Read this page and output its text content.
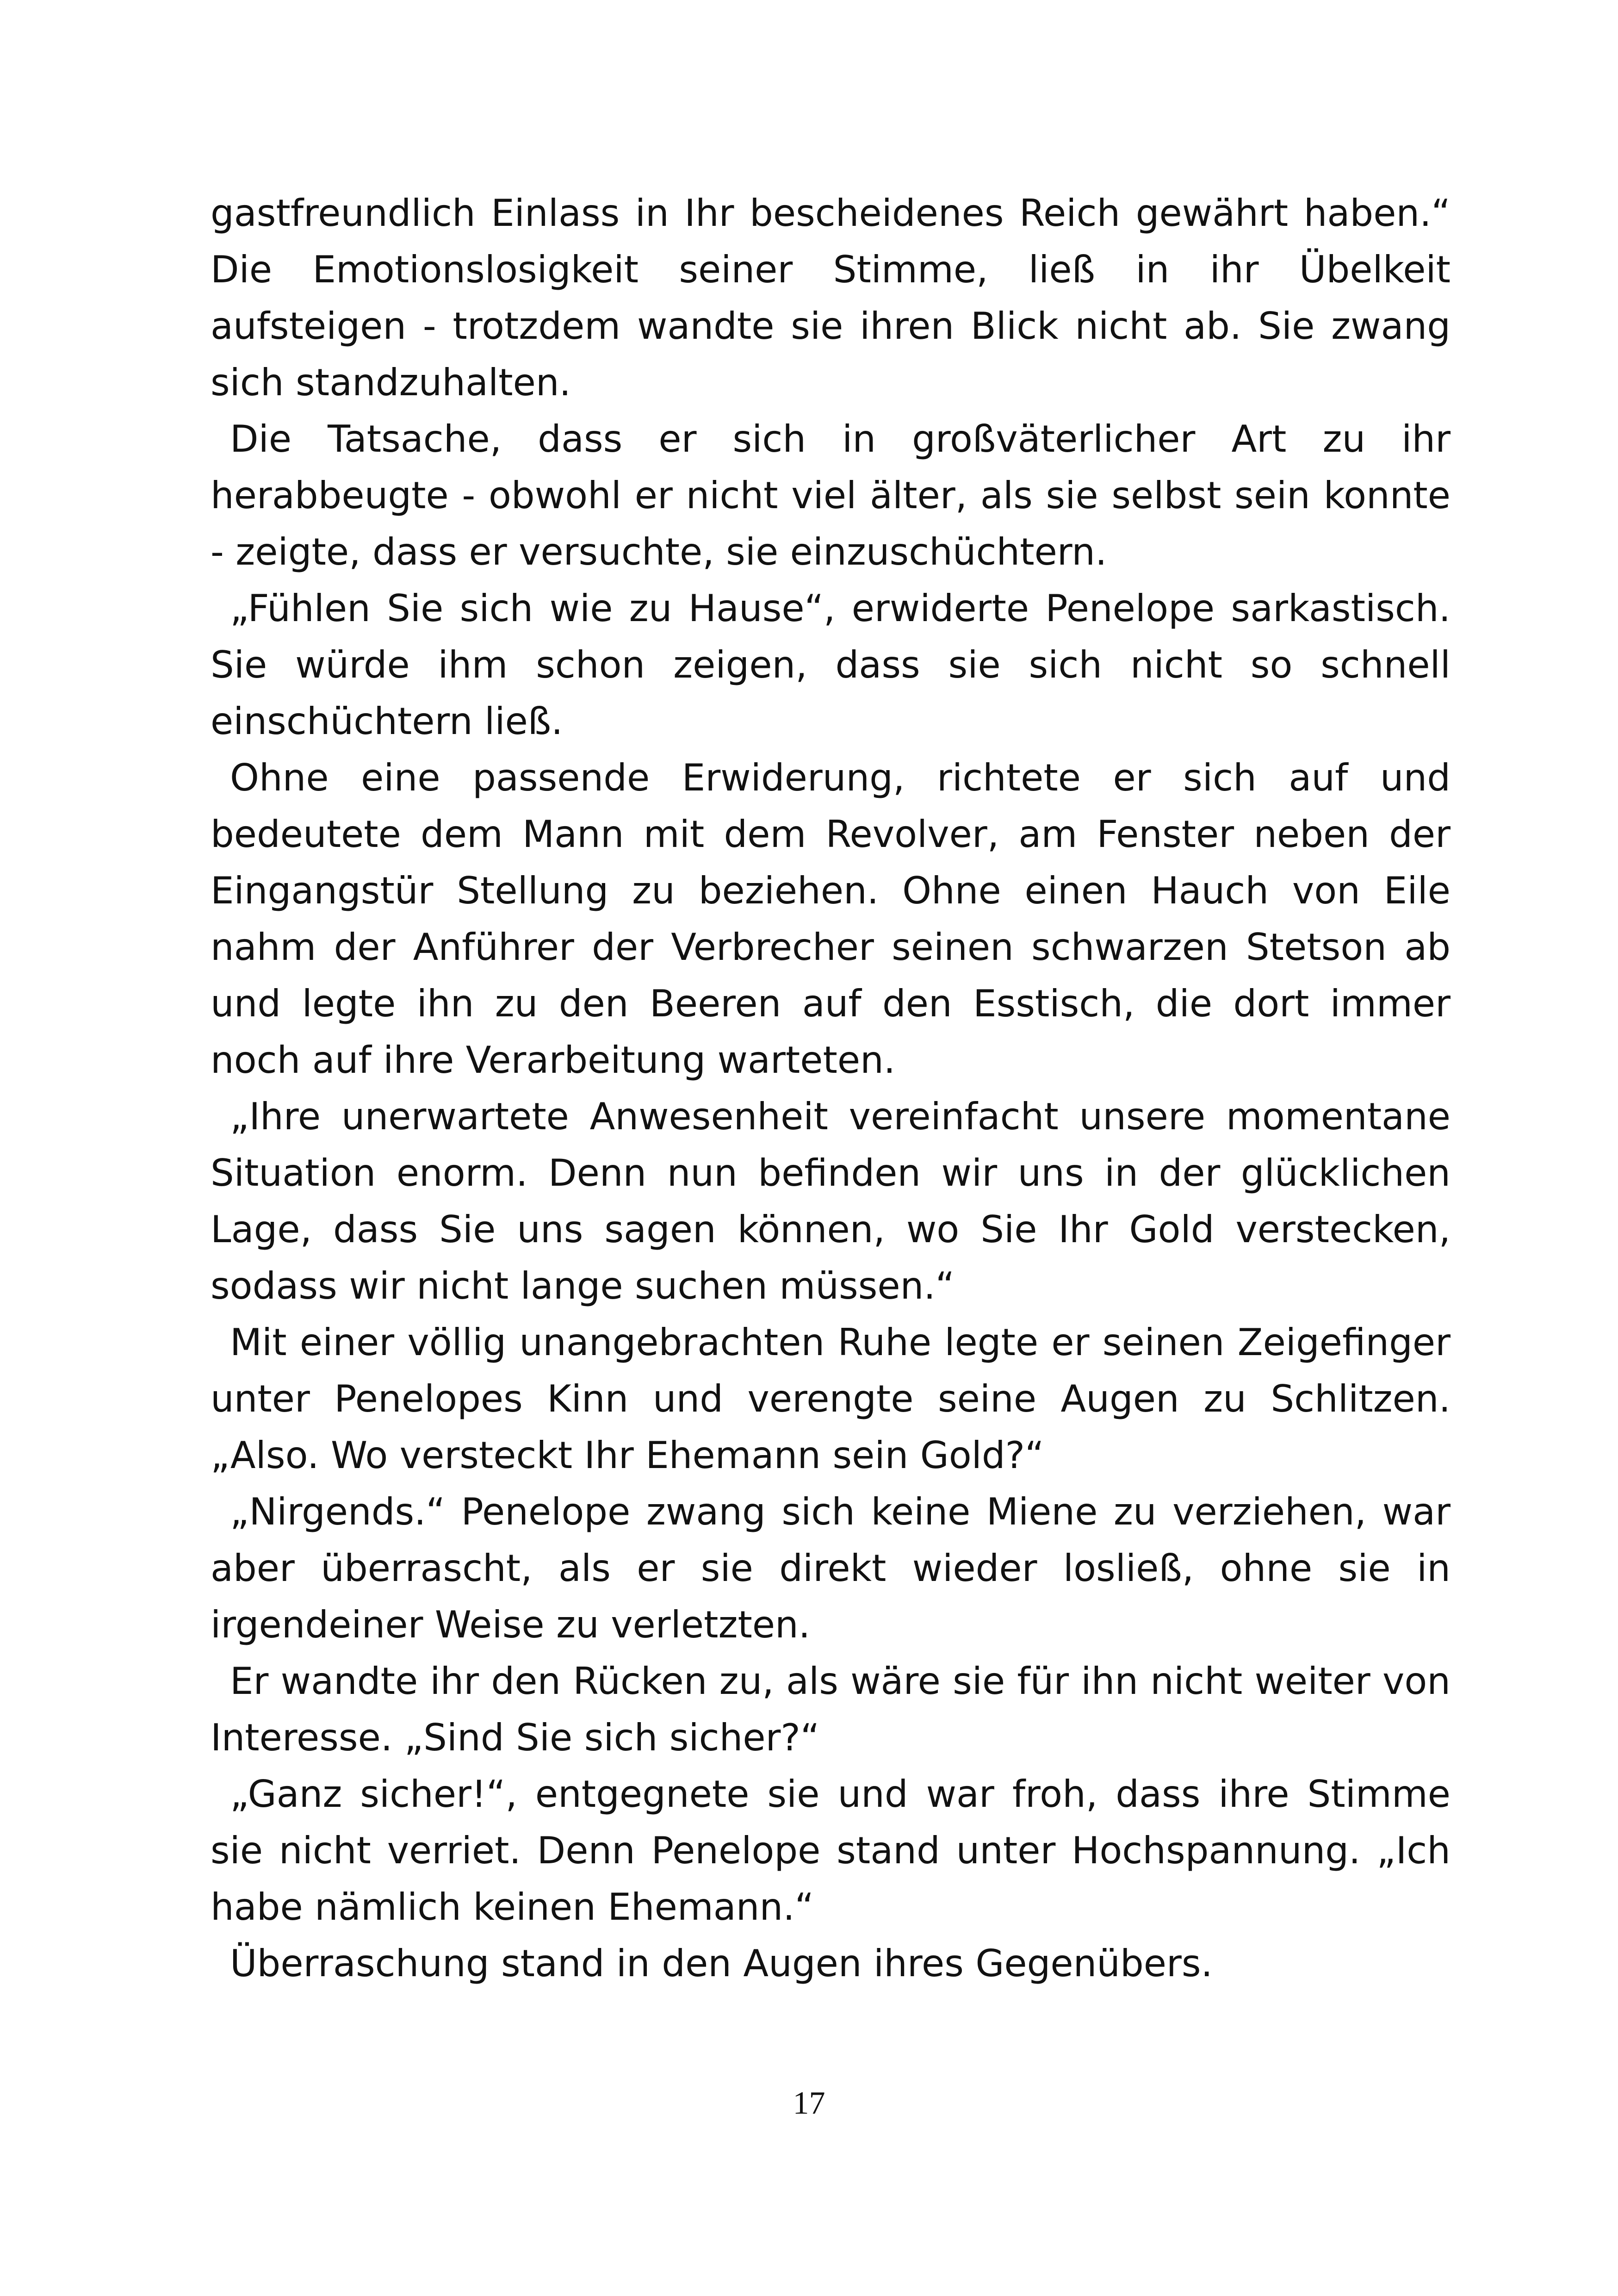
gastfreundlich Einlass in Ihr bescheidenes Reich gewährt haben.“ Die Emotionslosigkeit seiner Stimme, ließ in ihr Übelkeit aufsteigen - trotzdem wandte sie ihren Blick nicht ab. Sie zwang sich standzuhalten.

Die Tatsache, dass er sich in großväterlicher Art zu ihr herabbeugte - obwohl er nicht viel älter, als sie selbst sein konnte - zeigte, dass er versuchte, sie einzuschüchtern.

„Fühlen Sie sich wie zu Hause“, erwiderte Penelope sarkastisch. Sie würde ihm schon zeigen, dass sie sich nicht so schnell einschüchtern ließ.

Ohne eine passende Erwiderung, richtete er sich auf und bedeutete dem Mann mit dem Revolver, am Fenster neben der Eingangstür Stellung zu beziehen. Ohne einen Hauch von Eile nahm der Anführer der Verbrecher seinen schwarzen Stetson ab und legte ihn zu den Beeren auf den Esstisch, die dort immer noch auf ihre Verarbeitung warteten.

„Ihre unerwartete Anwesenheit vereinfacht unsere momentane Situation enorm. Denn nun befinden wir uns in der glücklichen Lage, dass Sie uns sagen können, wo Sie Ihr Gold verstecken, sodass wir nicht lange suchen müssen.“

Mit einer völlig unangebrachten Ruhe legte er seinen Zeigefinger unter Penelopes Kinn und verengte seine Augen zu Schlitzen. „Also. Wo versteckt Ihr Ehemann sein Gold?“

„Nirgends.“ Penelope zwang sich keine Miene zu verziehen, war aber überrascht, als er sie direkt wieder losließ, ohne sie in irgendeiner Weise zu verletzten.

Er wandte ihr den Rücken zu, als wäre sie für ihn nicht weiter von Interesse. „Sind Sie sich sicher?“

„Ganz sicher!“, entgegnete sie und war froh, dass ihre Stimme sie nicht verriet. Denn Penelope stand unter Hochspannung. „Ich habe nämlich keinen Ehemann.“

Überraschung stand in den Augen ihres Gegenübers.

17
